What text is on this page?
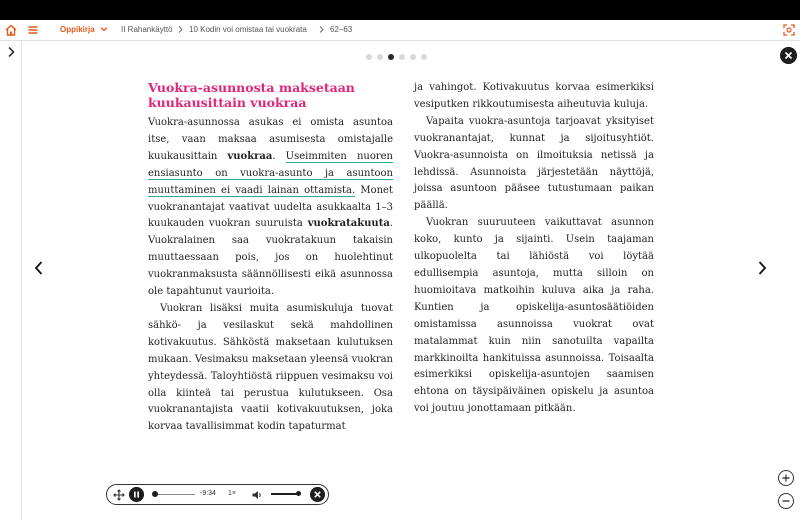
Oppikirja	II Rahankäyttö 10 Kodin voi omistaa tai vuokrata	62–63
Vuokra-asunnosta maksetaan kuukausittain vuokraa

Vuokra-asunnossa asukas ei omista asuntoa itse, vaan maksaa asumisesta omistajalle kuukausittain vuokraa. Useimmiten nuoren ensiasunto on vuokra-asunto ja asuntoon muuttaminen ei vaadi lainan ottamista. Monet vuokranantajat vaativat uudelta asukkaalta 1–3 kuukauden vuokran suuruista vuokratakuuta. Vuokralainen saa vuokratakuun takaisin muuttaessaan pois, jos on huolehtinut vuokranmaksusta säännöllisesti eikä asunnossa ole tapahtunut vaurioita.

Vuokran lisäksi muita asumiskuluja tuovat sähkö- ja vesilaskut sekä mahdollinen kotivakuutus. Sähköstä maksetaan kulutuksen mukaan. Vesimaksu maksetaan yleensä vuokran yhteydessä. Taloyhtiöstä riippuen vesimaksu voi olla kiinteä tai perustua kulutukseen. Osa vuokranantajista vaatii kotivakuutuksen, joka korvaa tavallisimmat kodin tapaturmat

ja vahingot. Kotivakuutus korvaa esimerkiksi vesiputken rikkoutumisesta aiheutuvia kuluja.

Vapaita vuokra-asuntoja tarjoavat yksityiset vuokranantajat, kunnat ja sijoitusyhtiöt. Vuokra-asunnoista on ilmoituksia netissä ja lehdissä. Asunnoista järjestetään näyttöjä, joissa asuntoon pääsee tutustumaan paikan päällä.

Vuokran suuruuteen vaikuttavat asunnon koko, kunto ja sijainti. Usein taajaman ulkopuolelta tai lähiöstä voi löytää edullisempia asuntoja, mutta silloin on huomioitava matkoihin kuluva aika ja raha. Kuntien ja opiskelija-asuntosäätiöiden omistamissa asunnoissa vuokrat ovat matalammat kuin niin sanotuilta vapailta markkinoilta hankituissa asunnoissa. Toisaalta esimerkiksi opiskelija-asuntojen saamisen ehtona on täysipäiväinen opiskelu ja asuntoa voi joutuu jonottamaan pitkään.

-9:34 1×
